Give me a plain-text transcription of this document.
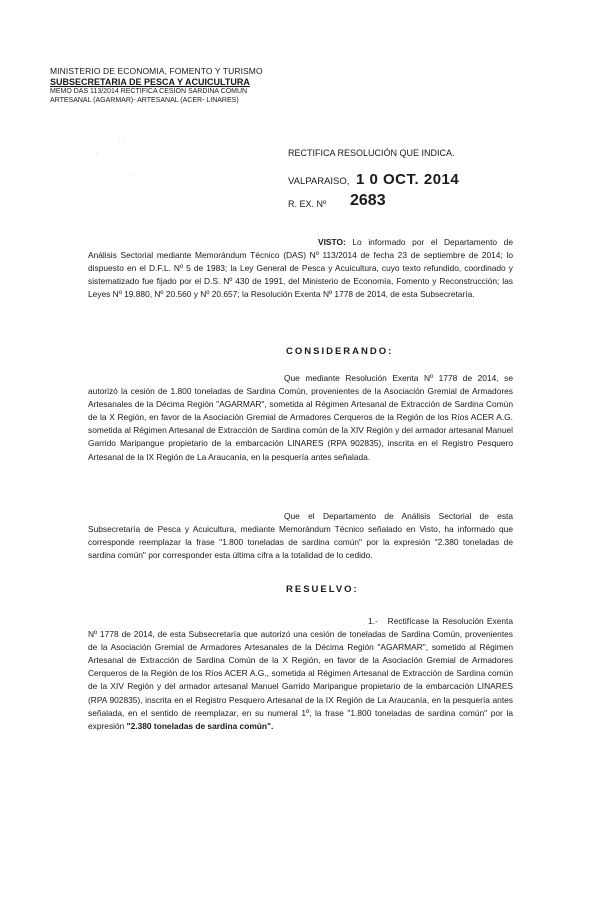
MINISTERIO DE ECONOMIA, FOMENTO Y TURISMO
SUBSECRETARIA DE PESCA Y ACUICULTURA
MEMO DAS 113/2014 RECTIFICA CESION SARDINA COMUN
ARTESANAL (AGARMAR)- ARTESANAL (ACER- LINARES)
· ·
·
·
RECTIFICA RESOLUCIÓN QUE INDICA.
VALPARAISO, 1 0 OCT. 2014
R. EX. Nº 2683
VISTO: Lo informado por el Departamento de Análisis Sectorial mediante Memorándum Técnico (DAS) Nº 113/2014 de fecha 23 de septiembre de 2014; lo dispuesto en el D.F.L. Nº 5 de 1983; la Ley General de Pesca y Acuicultura, cuyo texto refundido, coordinado y sistematizado fue fijado por el D.S. Nº 430 de 1991, del Ministerio de Economía, Fomento y Reconstrucción; las Leyes Nº 19.880, Nº 20.560 y Nº 20.657; la Resolución Exenta Nº 1778 de 2014, de esta Subsecretaría.
CONSIDERANDO:
Que mediante Resolución Exenta Nº 1778 de 2014, se autorizó la cesión de 1.800 toneladas de Sardina Común, provenientes de la Asociación Gremial de Armadores Artesanales de la Décima Región "AGARMAR", sometida al Régimen Artesanal de Extracción de Sardina Común de la X Región, en favor de la Asociación Gremial de Armadores Cerqueros de la Región de los Ríos ACER A.G. sometida al Régimen Artesanal de Extracción de Sardina común de la XIV Región y del armador artesanal Manuel Garrido Maripangue propietario de la embarcación LINARES (RPA 902835), inscrita en el Registro Pesquero Artesanal de la IX Región de La Araucanía, en la pesquería antes señalada.
Que el Departamento de Análisis Sectorial de esta Subsecretaría de Pesca y Acuicultura, mediante Memorándum Técnico señalado en Visto, ha informado que corresponde reemplazar la frase "1.800 toneladas de sardina común" por la expresión "2.380 toneladas de sardina común" por corresponder esta última cifra a la totalidad de lo cedido.
RESUELVO:
1.- Rectifícase la Resolución Exenta Nº 1778 de 2014, de esta Subsecretaría que autorizó una cesión de toneladas de Sardina Común, provenientes de la Asociación Gremial de Armadores Artesanales de la Décima Región "AGARMAR", sometido al Régimen Artesanal de Extracción de Sardina Común de la X Región, en favor de la Asociación Gremial de Armadores Cerqueros de la Región de los Ríos ACER A.G., sometida al Régimen Artesanal de Extracción de Sardina común de la XIV Región y del armador artesanal Manuel Garrido Maripangue propietario de la embarcación LINARES (RPA 902835), inscrita en el Registro Pesquero Artesanal de la IX Región de La Araucanía, en la pesquería antes señalada, en el sentido de reemplazar, en su numeral 1º, la frase "1.800 toneladas de sardina común" por la expresión "2.380 toneladas de sardina común".
